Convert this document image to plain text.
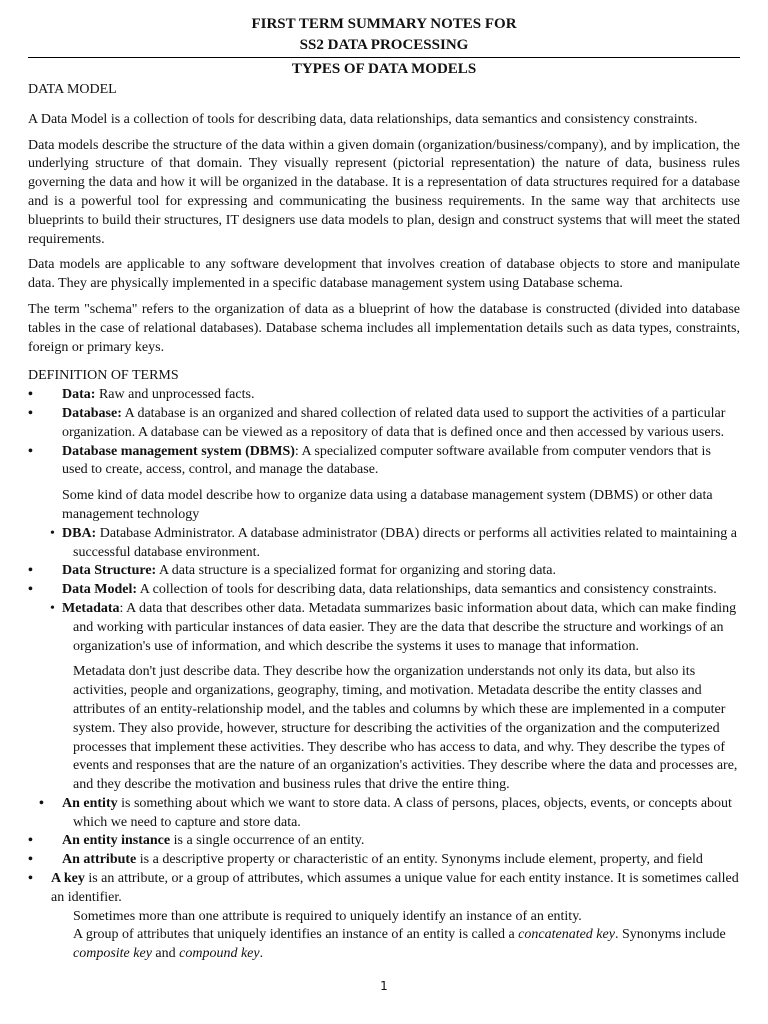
FIRST TERM SUMMARY NOTES FOR
SS2 DATA PROCESSING
TYPES OF DATA MODELS
DATA MODEL

A Data Model is a collection of tools for describing data, data relationships, data semantics and consistency constraints.

Data models describe the structure of the data within a given domain (organization/business/company), and by implication, the underlying structure of that domain. They visually represent (pictorial representation) the nature of data, business rules governing the data and how it will be organized in the database. It is a representation of data structures required for a database and is a powerful tool for expressing and communicating the business requirements. In the same way that architects use blueprints to build their structures, IT designers use data models to plan, design and construct systems that will meet the stated requirements.

Data models are applicable to any software development that involves creation of database objects to store and manipulate data. They are physically implemented in a specific database management system using Database schema.

The term "schema" refers to the organization of data as a blueprint of how the database is constructed (divided into database tables in the case of relational databases). Database schema includes all implementation details such as data types, constraints, foreign or primary keys.

DEFINITION OF TERMS
• Data: Raw and unprocessed facts.
• Database: A database is an organized and shared collection of related data used to support the activities of a particular organization. A database can be viewed as a repository of data that is defined once and then accessed by various users.
• Database management system (DBMS): A specialized computer software available from computer vendors that is used to create, access, control, and manage the database.

Some kind of data model describe how to organize data using a database management system (DBMS) or other data management technology

• DBA: Database Administrator. A database administrator (DBA) directs or performs all activities related to maintaining a successful database environment.
• Data Structure: A data structure is a specialized format for organizing and storing data.
• Data Model: A collection of tools for describing data, data relationships, data semantics and consistency constraints.
• Metadata: A data that describes other data. Metadata summarizes basic information about data, which can make finding and working with particular instances of data easier. They are the data that describe the structure and workings of an organization's use of information, and which describe the systems it uses to manage that information.

Metadata don't just describe data. They describe how the organization understands not only its data, but also its activities, people and organizations, geography, timing, and motivation. Metadata describe the entity classes and attributes of an entity-relationship model, and the tables and columns by which these are implemented in a computer system. They also provide, however, structure for describing the activities of the organization and the computerized processes that implement these activities. They describe who has access to data, and why. They describe the types of events and responses that are the nature of an organization's activities. They describe where the data and processes are, and they describe the motivation and business rules that drive the entire thing.

• An entity is something about which we want to store data. A class of persons, places, objects, events, or concepts about which we need to capture and store data.
• An entity instance is a single occurrence of an entity.
• An attribute is a descriptive property or characteristic of an entity. Synonyms include element, property, and field
• A key is an attribute, or a group of attributes, which assumes a unique value for each entity instance. It is sometimes called an identifier.

Sometimes more than one attribute is required to uniquely identify an instance of an entity.

A group of attributes that uniquely identifies an instance of an entity is called a concatenated key. Synonyms include composite key and compound key.

1
